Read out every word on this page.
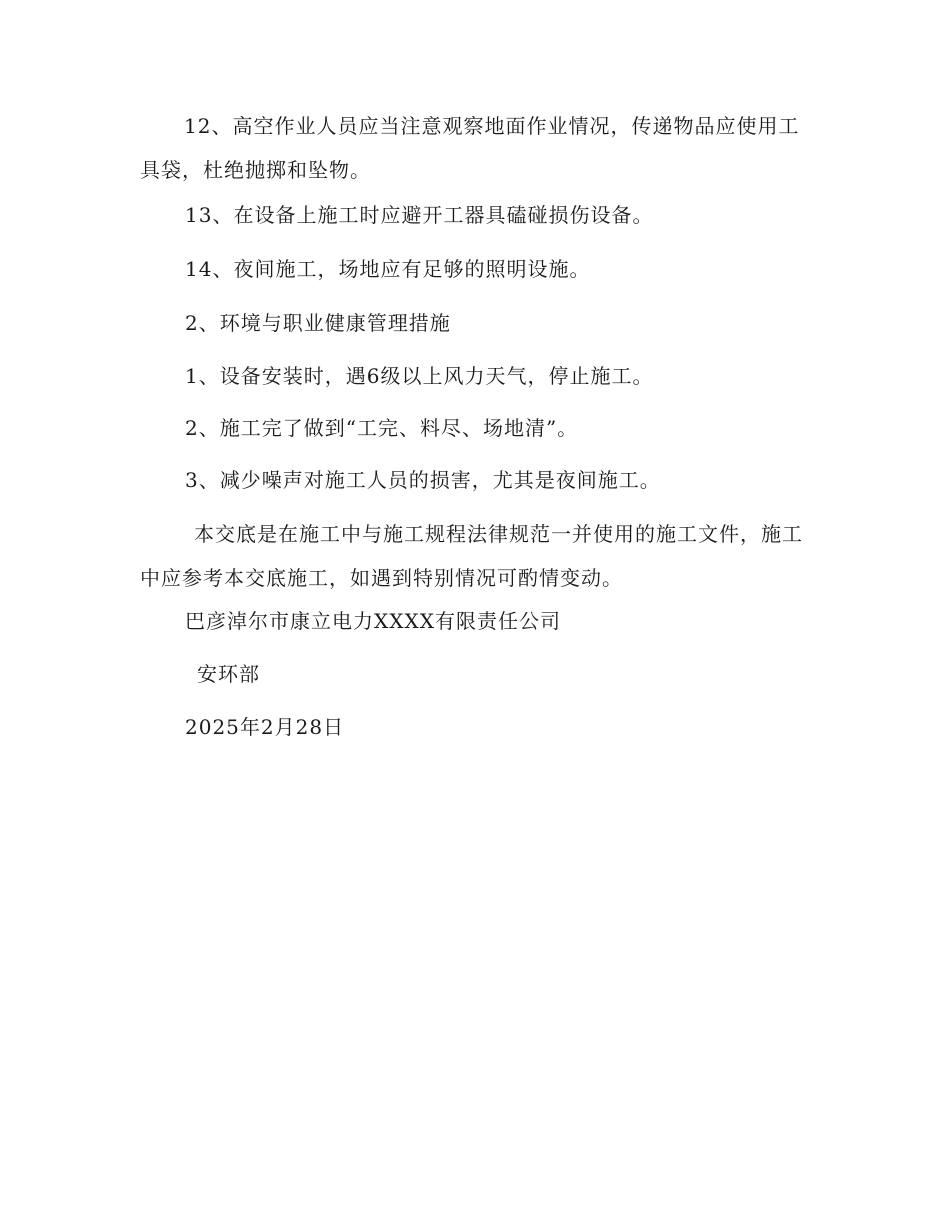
12、高空作业人员应当注意观察地面作业情况，传递物品应使用工具袋，杜绝抛掷和坠物。
13、在设备上施工时应避开工器具磕碰损伤设备。
14、夜间施工，场地应有足够的照明设施。
2、环境与职业健康管理措施
1、设备安装时，遇6级以上风力天气，停止施工。
2、施工完了做到“工完、料尽、场地清”。
3、减少噪声对施工人员的损害，尤其是夜间施工。
本交底是在施工中与施工规程法律规范一并使用的施工文件，施工中应参考本交底施工，如遇到特别情况可酌情变动。
巴彦淖尔市康立电力XXXX有限责任公司
安环部
2025年2月28日
